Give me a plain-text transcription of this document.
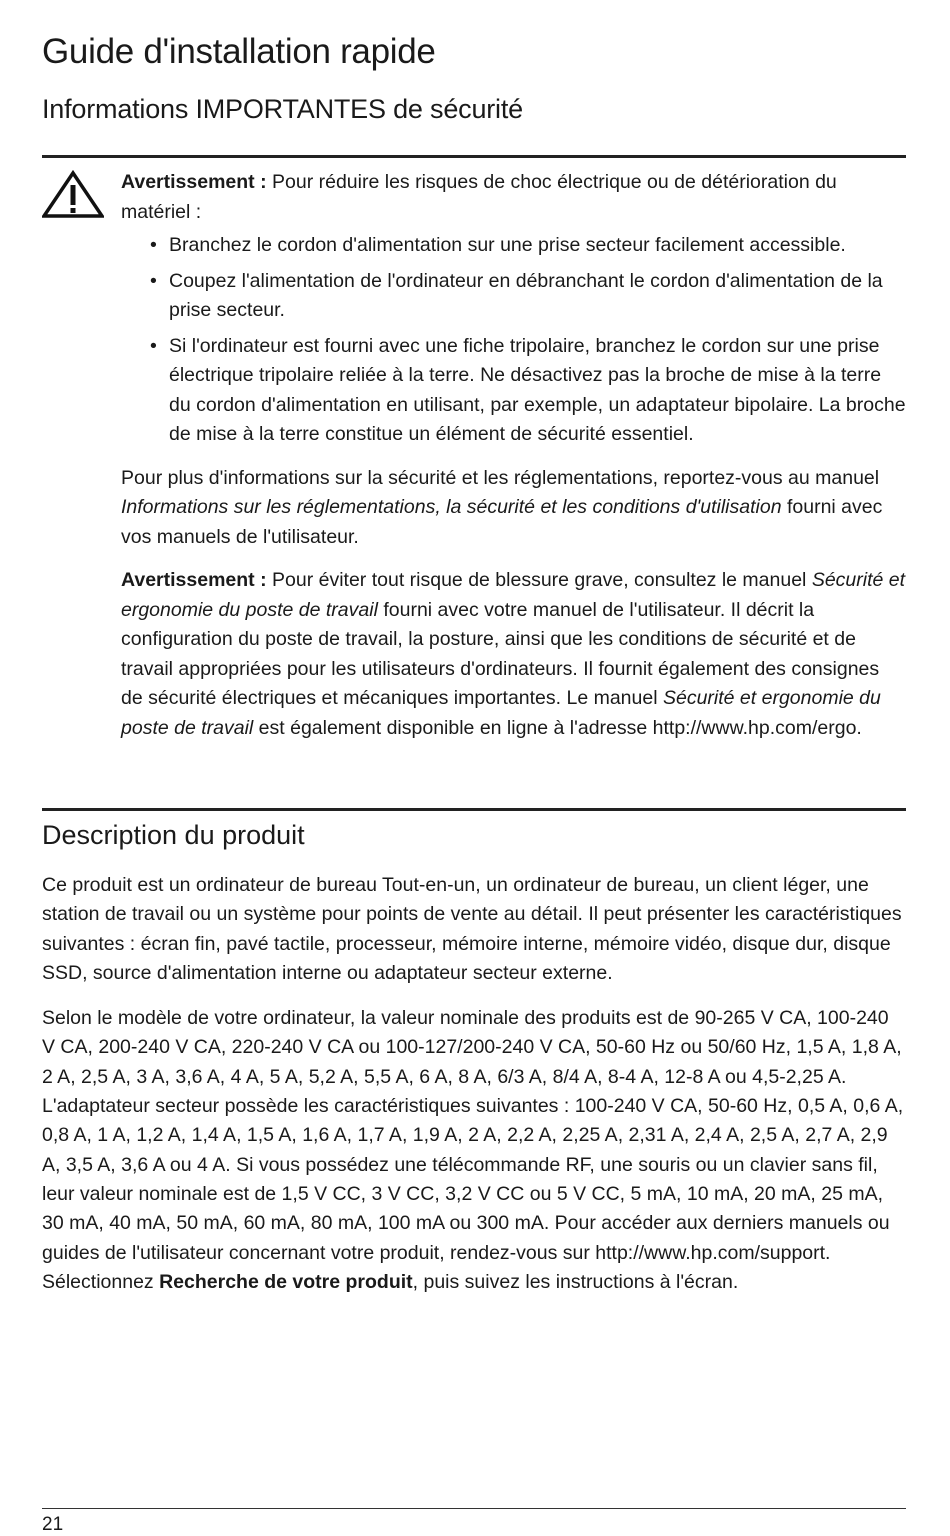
Guide d'installation rapide
Informations IMPORTANTES de sécurité

Avertissement : Pour réduire les risques de choc électrique ou de détérioration du matériel :

• Branchez le cordon d'alimentation sur une prise secteur facilement accessible.
• Coupez l'alimentation de l'ordinateur en débranchant le cordon d'alimentation de la prise secteur.
• Si l'ordinateur est fourni avec une fiche tripolaire, branchez le cordon sur une prise électrique tripolaire reliée à la terre. Ne désactivez pas la broche de mise à la terre du cordon d'alimentation en utilisant, par exemple, un adaptateur bipolaire. La broche de mise à la terre constitue un élément de sécurité essentiel.

Pour plus d'informations sur la sécurité et les réglementations, reportez-vous au manuel Informations sur les réglementations, la sécurité et les conditions d'utilisation fourni avec vos manuels de l'utilisateur.

Avertissement : Pour éviter tout risque de blessure grave, consultez le manuel Sécurité et ergonomie du poste de travail fourni avec votre manuel de l'utilisateur. Il décrit la configuration du poste de travail, la posture, ainsi que les conditions de sécurité et de travail appropriées pour les utilisateurs d'ordinateurs. Il fournit également des consignes de sécurité électriques et mécaniques importantes. Le manuel Sécurité et ergonomie du poste de travail est également disponible en ligne à l'adresse http://www.hp.com/ergo.

Description du produit

Ce produit est un ordinateur de bureau Tout-en-un, un ordinateur de bureau, un client léger, une station de travail ou un système pour points de vente au détail. Il peut présenter les caractéristiques suivantes : écran fin, pavé tactile, processeur, mémoire interne, mémoire vidéo, disque dur, disque SSD, source d'alimentation interne ou adaptateur secteur externe.

Selon le modèle de votre ordinateur, la valeur nominale des produits est de 90-265 V CA, 100-240 V CA, 200-240 V CA, 220-240 V CA ou 100-127/200-240 V CA, 50-60 Hz ou 50/60 Hz, 1,5 A, 1,8 A, 2 A, 2,5 A, 3 A, 3,6 A, 4 A, 5 A, 5,2 A, 5,5 A, 6 A, 8 A, 6/3 A, 8/4 A, 8-4 A, 12-8 A ou 4,5-2,25 A. L'adaptateur secteur possède les caractéristiques suivantes : 100-240 V CA, 50-60 Hz, 0,5 A, 0,6 A, 0,8 A, 1 A, 1,2 A, 1,4 A, 1,5 A, 1,6 A, 1,7 A, 1,9 A, 2 A, 2,2 A, 2,25 A, 2,31 A, 2,4 A, 2,5 A, 2,7 A, 2,9 A, 3,5 A, 3,6 A ou 4 A. Si vous possédez une télécommande RF, une souris ou un clavier sans fil, leur valeur nominale est de 1,5 V CC, 3 V CC, 3,2 V CC ou 5 V CC, 5 mA, 10 mA, 20 mA, 25 mA, 30 mA, 40 mA, 50 mA, 60 mA, 80 mA, 100 mA ou 300 mA. Pour accéder aux derniers manuels ou guides de l'utilisateur concernant votre produit, rendez-vous sur http://www.hp.com/support. Sélectionnez Recherche de votre produit, puis suivez les instructions à l'écran.

21
